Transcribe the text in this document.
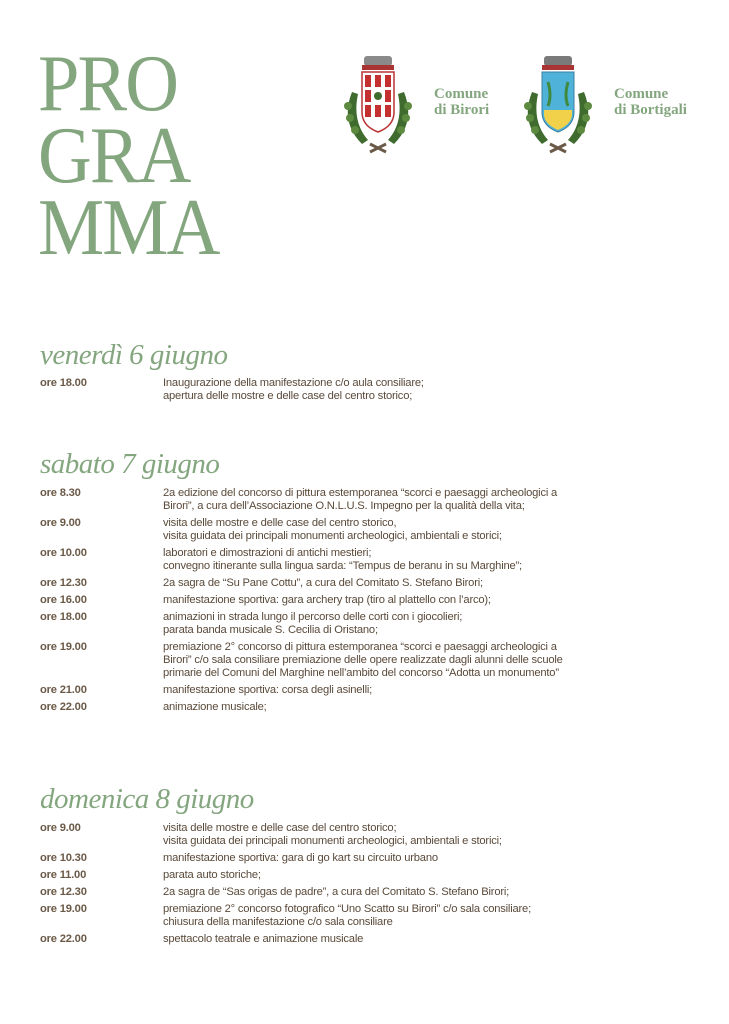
PRO
GRA
MMA
Comune
di Birori
Comune
di Bortigali
venerdì 6 giugno
ore 18.00	Inaugurazione della manifestazione c/o aula consiliare;
apertura delle mostre e delle case del centro storico;
sabato 7 giugno
ore 8.30	2a edizione del concorso di pittura estemporanea “scorci e paesaggi archeologici a
Birori”, a cura dell’Associazione O.N.L.U.S. Impegno per la qualità della vita;
ore 9.00	visita delle mostre e delle case del centro storico,
visita guidata dei principali monumenti archeologici, ambientali e storici;
ore 10.00	laboratori e dimostrazioni di antichi mestieri;
convegno itinerante sulla lingua sarda: “Tempus de beranu in su Marghine”;
ore 12.30	2a sagra de “Su Pane Cottu”, a cura del Comitato S. Stefano Birori;
ore 16.00	manifestazione sportiva: gara archery trap (tiro al plattello con l’arco);
ore 18.00	animazioni in strada lungo il percorso delle corti con i giocolieri;
parata banda musicale S. Cecilia di Oristano;
ore 19.00	premiazione 2° concorso di pittura estemporanea “scorci e paesaggi archeologici a
Birori” c/o sala consiliare premiazione delle opere realizzate dagli alunni delle scuole
primarie del Comuni del Marghine nell’ambito del concorso “Adotta un monumento”
ore 21.00	manifestazione sportiva: corsa degli asinelli;
ore 22.00	animazione musicale;
domenica 8 giugno
ore 9.00	visita delle mostre e delle case del centro storico;
visita guidata dei principali monumenti archeologici, ambientali e storici;
ore 10.30	manifestazione sportiva: gara di go kart su circuito urbano
ore 11.00	parata auto storiche;
ore 12.30	2a sagra de “Sas origas de padre”, a cura del Comitato S. Stefano Birori;
ore 19.00	premiazione 2° concorso fotografico “Uno Scatto su Birori” c/o sala consiliare;
chiusura della manifestazione c/o sala consiliare
ore 22.00	spettacolo teatrale e animazione musicale
